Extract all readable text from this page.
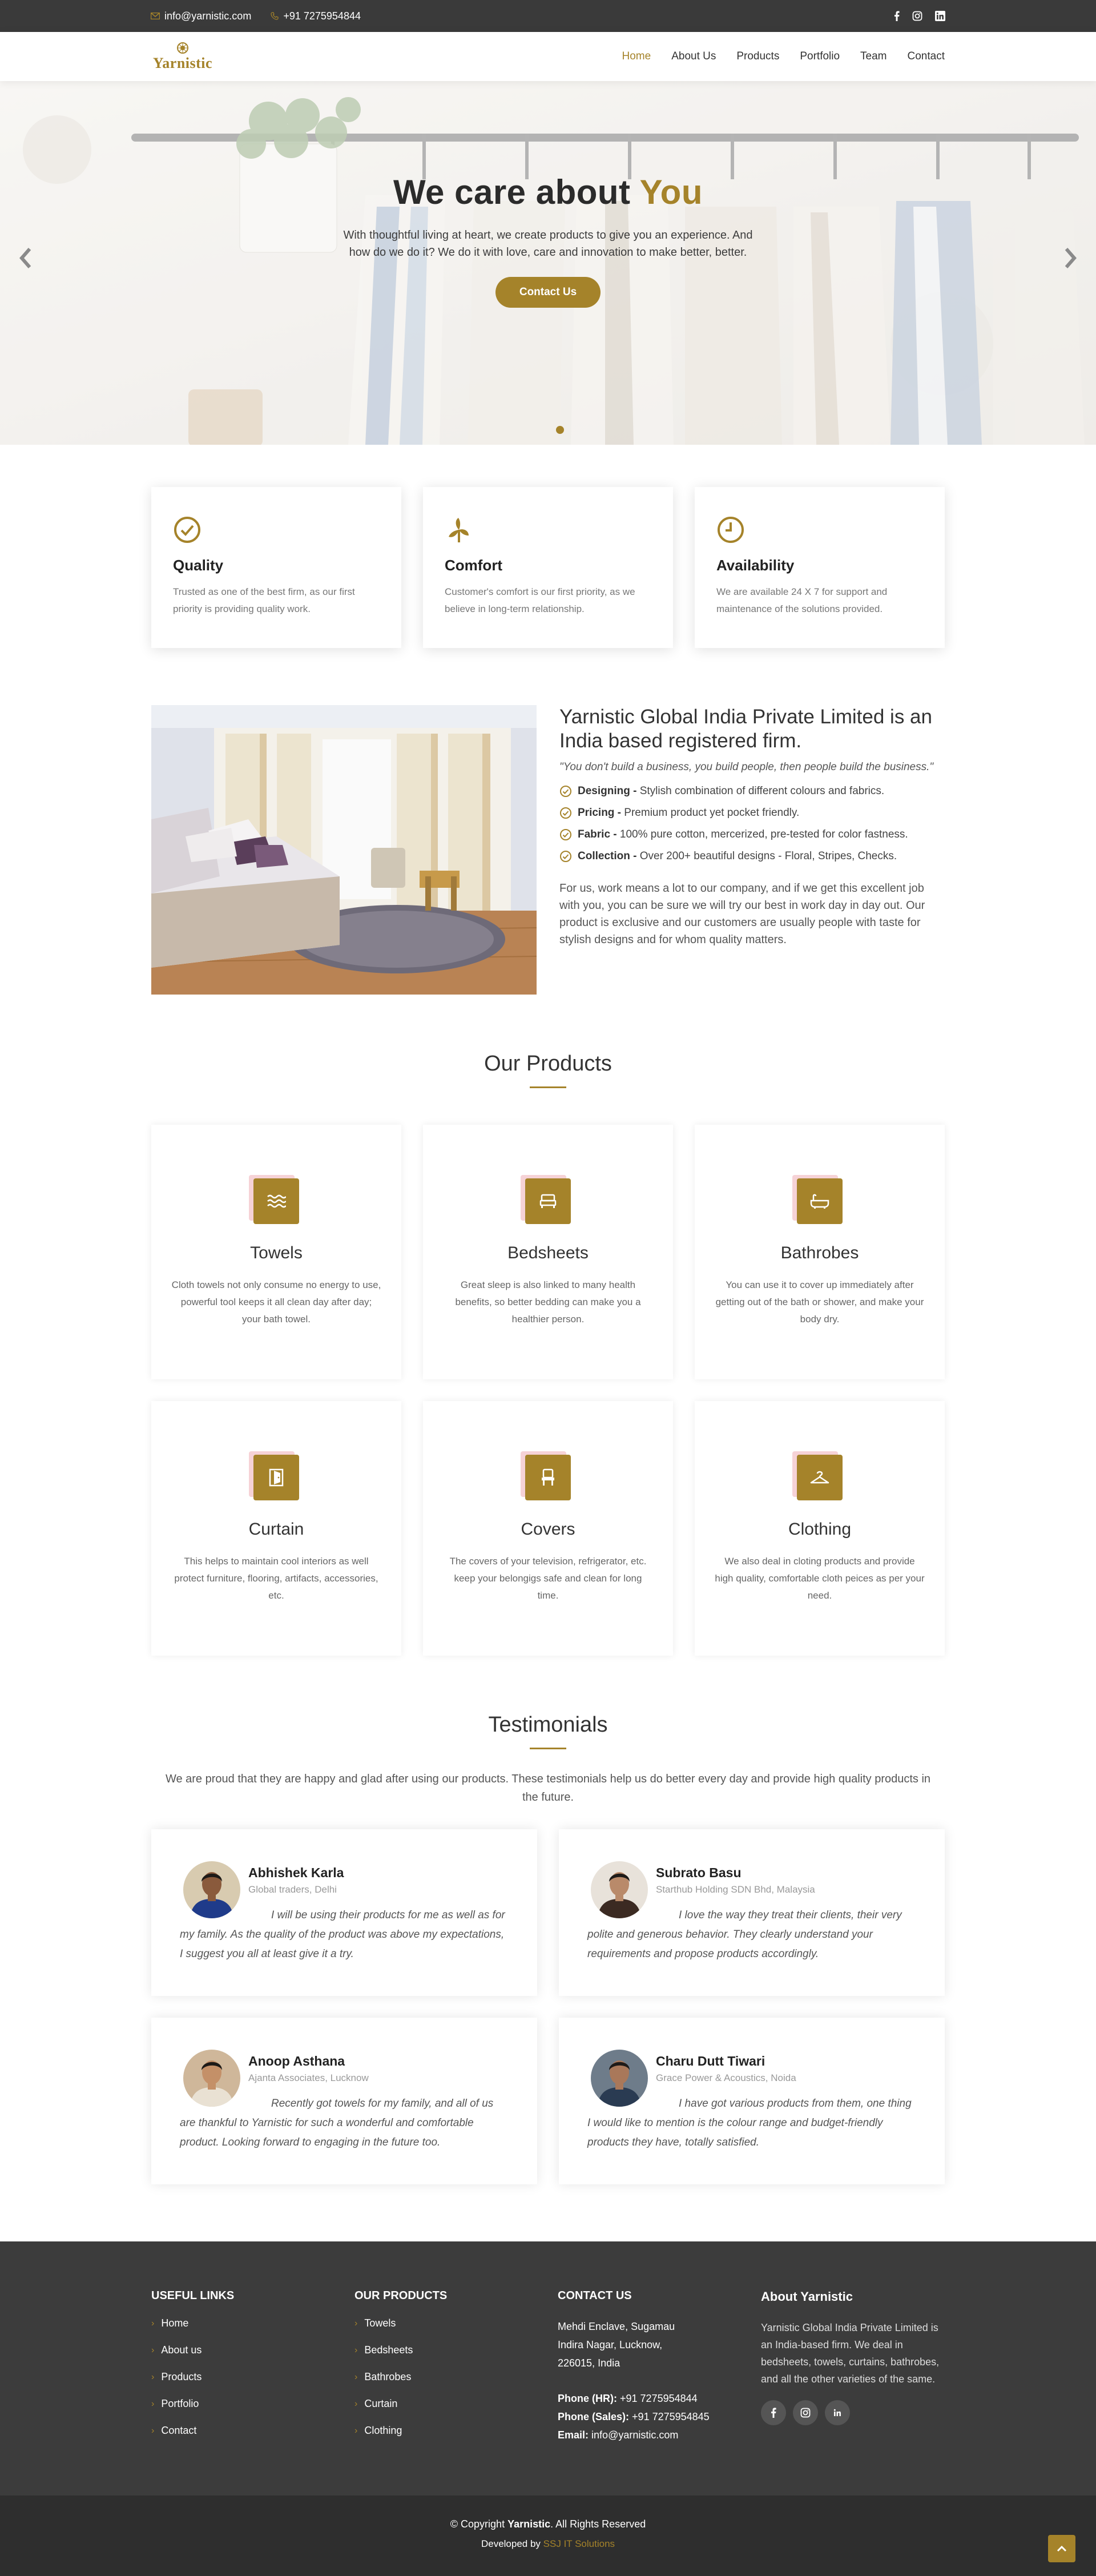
info@yarnistic.com	+91 7275954844
Yarnistic	Home About Us Products Portfolio Team Contact
We care about You

With thoughtful living at heart, we create products to give you an experience. And how do we do it? We do it with love, care and innovation to make better, better.

Contact Us
Quality

Trusted as one of the best firm, as our first priority is providing quality work.

Comfort

Customer's comfort is our first priority, as we believe in long-term relationship.

Availability

We are available 24 X 7 for support and maintenance of the solutions provided.

Yarnistic Global India Private Limited is an India based registered firm.

"You don't build a business, you build people, then people build the business."

Designing - Stylish combination of different colours and fabrics.
Pricing - Premium product yet pocket friendly.
Fabric - 100% pure cotton, mercerized, pre-tested for color fastness.
Collection - Over 200+ beautiful designs - Floral, Stripes, Checks.

For us, work means a lot to our company, and if we get this excellent job with you, you can be sure we will try our best in work day in day out. Our product is exclusive and our customers are usually people with taste for stylish designs and for whom quality matters.

Our Products
Towels

Cloth towels not only consume no energy to use, powerful tool keeps it all clean day after day; your bath towel.

Bedsheets

Great sleep is also linked to many health benefits, so better bedding can make you a healthier person.

Bathrobes

You can use it to cover up immediately after getting out of the bath or shower, and make your body dry.

Curtain

This helps to maintain cool interiors as well protect furniture, flooring, artifacts, accessories, etc.

Covers

The covers of your television, refrigerator, etc. keep your belongigs safe and clean for long time.

Clothing

We also deal in cloting products and provide high quality, comfortable cloth peices as per your need.

Testimonials

We are proud that they are happy and glad after using our products. These testimonials help us do better every day and provide high quality products in the future.

Abhishek Karla
Global traders, Delhi

I will be using their products for me as well as for my family. As the quality of the product was above my expectations, I suggest you all at least give it a try.

Subrato Basu
Starthub Holding SDN Bhd, Malaysia

I love the way they treat their clients, their very polite and generous behavior. They clearly understand your requirements and propose products accordingly.

Anoop Asthana
Ajanta Associates, Lucknow

Recently got towels for my family, and all of us are thankful to Yarnistic for such a wonderful and comfortable product. Looking forward to engaging in the future too.

Charu Dutt Tiwari
Grace Power & Acoustics, Noida

I have got various products from them, one thing I would like to mention is the colour range and budget-friendly products they have, totally satisfied.

USEFUL LINKS
› Home
› About us
› Products
› Portfolio
› Contact
OUR PRODUCTS
› Towels
› Bedsheets
› Bathrobes
› Curtain
› Clothing
CONTACT US
Mehdi Enclave, Sugamau
Indira Nagar, Lucknow,
226015, India
Phone (HR): +91 7275954844
Phone (Sales): +91 7275954845
Email: info@yarnistic.com
About Yarnistic

Yarnistic Global India Private Limited is an India-based firm. We deal in bedsheets, towels, curtains, bathrobes, and all the other varieties of the same.

© Copyright Yarnistic. All Rights Reserved
Developed by SSJ IT Solutions
